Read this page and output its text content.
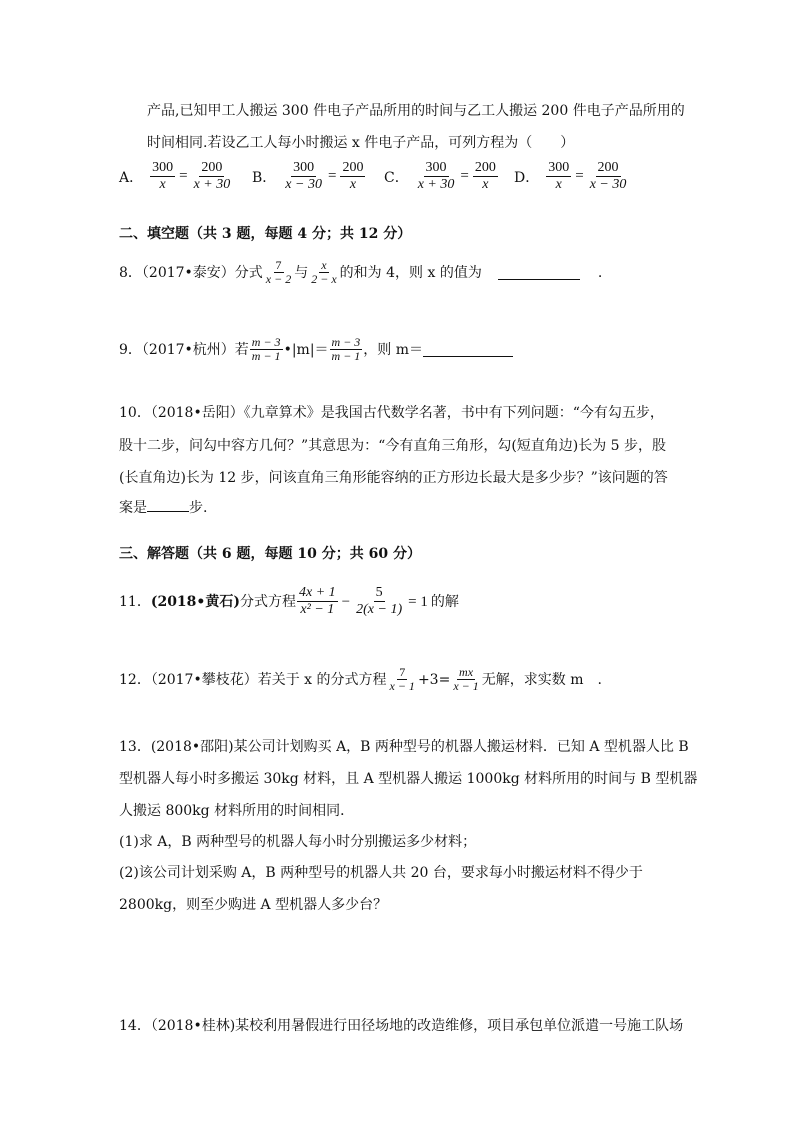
产品,已知甲工人搬运 300 件电子产品所用的时间与乙工人搬运 200 件电子产品所用的
时间相同.若设乙工人每小时搬运 x 件电子产品，可列方程为（　　）
A． $\frac{300}{x} = \frac{200}{x + 30}$ B． $\frac{300}{x - 30} = \frac{200}{x}$ C． $\frac{300}{x + 30} = \frac{200}{x}$ D． $\frac{300}{x} = \frac{200}{x - 30}$
二、填空题（共 3 题，每题 4 分；共 12 分）
8．（2017•泰安）分式 $\frac{7}{x - 2}$ 与 $\frac{x}{2 - x}$ 的和为 4，则 x 的值为	.
9．（2017•杭州）若 $\frac{m - 3}{m - 1}$ •|m|＝ $\frac{m - 3}{m - 1}$ ，则 m＝
10．（2018•岳阳）《九章算术》是我国古代数学名著，书中有下列问题：“今有勾五步，
股十二步，问勾中容方几何？”其意思为：“今有直角三角形，勾(短直角边)长为 5 步，股
(长直角边)长为 12 步，问该直角三角形能容纳的正方形边长最大是多少步？”该问题的答
案是	步.
三、解答题（共 6 题，每题 10 分；共 60 分）
11． (2018•黄石) 分式方程 $\frac{4x + 1}{\text{x² − 1}} - \frac{5}{2(x - 1)} = 1$ 的解
12．（2017•攀枝花）若关于 x 的分式方程 $\frac{7}{x - 1} +3= \frac{mx}{x - 1}$ 无解，求实数 m　.
13．(2018•邵阳)某公司计划购买 A，B 两种型号的机器人搬运材料．已知 A 型机器人比 B
型机器人每小时多搬运 30kg 材料，且 A 型机器人搬运 1000kg 材料所用的时间与 B 型机器
人搬运 800kg 材料所用的时间相同．
(1)求 A，B 两种型号的机器人每小时分别搬运多少材料；
(2)该公司计划采购 A，B 两种型号的机器人共 20 台，要求每小时搬运材料不得少于
2800kg，则至少购进 A 型机器人多少台？
14．（2018•桂林)某校利用暑假进行田径场地的改造维修，项目承包单位派遣一号施工队场
